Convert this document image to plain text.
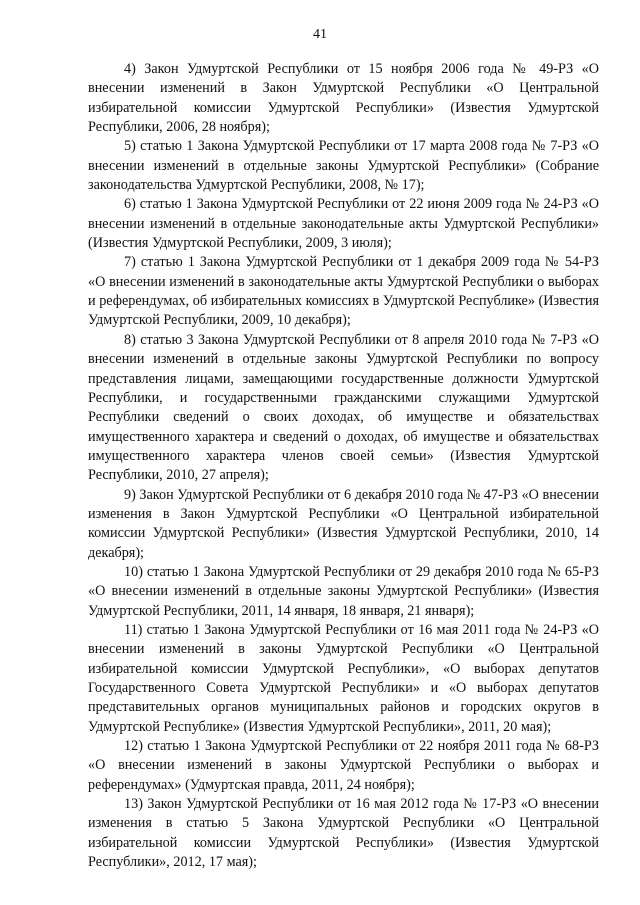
41

4) Закон Удмуртской Республики от 15 ноября 2006 года № 49-РЗ «О внесении изменений в Закон Удмуртской Республики «О Центральной избирательной комиссии Удмуртской Республики» (Известия Удмуртской Республики, 2006, 28 ноября);

5) статью 1 Закона Удмуртской Республики от 17 марта 2008 года № 7-РЗ «О внесении изменений в отдельные законы Удмуртской Республики» (Собрание законодательства Удмуртской Республики, 2008, № 17);

6) статью 1 Закона Удмуртской Республики от 22 июня 2009 года № 24-РЗ «О внесении изменений в отдельные законодательные акты Удмуртской Республики» (Известия Удмуртской Республики, 2009, 3 июля);

7) статью 1 Закона Удмуртской Республики от 1 декабря 2009 года № 54-РЗ «О внесении изменений в законодательные акты Удмуртской Республики о выборах и референдумах, об избирательных комиссиях в Удмуртской Республике» (Известия Удмуртской Республики, 2009, 10 декабря);

8) статью 3 Закона Удмуртской Республики от 8 апреля 2010 года № 7-РЗ «О внесении изменений в отдельные законы Удмуртской Республики по вопросу представления лицами, замещающими государственные должности Удмуртской Республики, и государственными гражданскими служащими Удмуртской Республики сведений о своих доходах, об имуществе и обязательствах имущественного характера и сведений о доходах, об имуществе и обязательствах имущественного характера членов своей семьи» (Известия Удмуртской Республики, 2010, 27 апреля);

9) Закон Удмуртской Республики от 6 декабря 2010 года № 47-РЗ «О внесении изменения в Закон Удмуртской Республики «О Центральной избирательной комиссии Удмуртской Республики» (Известия Удмуртской Республики, 2010, 14 декабря);

10) статью 1 Закона Удмуртской Республики от 29 декабря 2010 года № 65-РЗ «О внесении изменений в отдельные законы Удмуртской Республики» (Известия Удмуртской Республики, 2011, 14 января, 18 января, 21 января);

11) статью 1 Закона Удмуртской Республики от 16 мая 2011 года № 24-РЗ «О внесении изменений в законы Удмуртской Республики «О Центральной избирательной комиссии Удмуртской Республики», «О выборах депутатов Государственного Совета Удмуртской Республики» и «О выборах депутатов представительных органов муниципальных районов и городских округов в Удмуртской Республике» (Известия Удмуртской Республики», 2011, 20 мая);

12) статью 1 Закона Удмуртской Республики от 22 ноября 2011 года № 68-РЗ «О внесении изменений в законы Удмуртской Республики о выборах и референдумах» (Удмуртская правда, 2011, 24 ноября);

13) Закон Удмуртской Республики от 16 мая 2012 года № 17-РЗ «О внесении изменения в статью 5 Закона Удмуртской Республики «О Центральной избирательной комиссии Удмуртской Республики» (Известия Удмуртской Республики», 2012, 17 мая);
